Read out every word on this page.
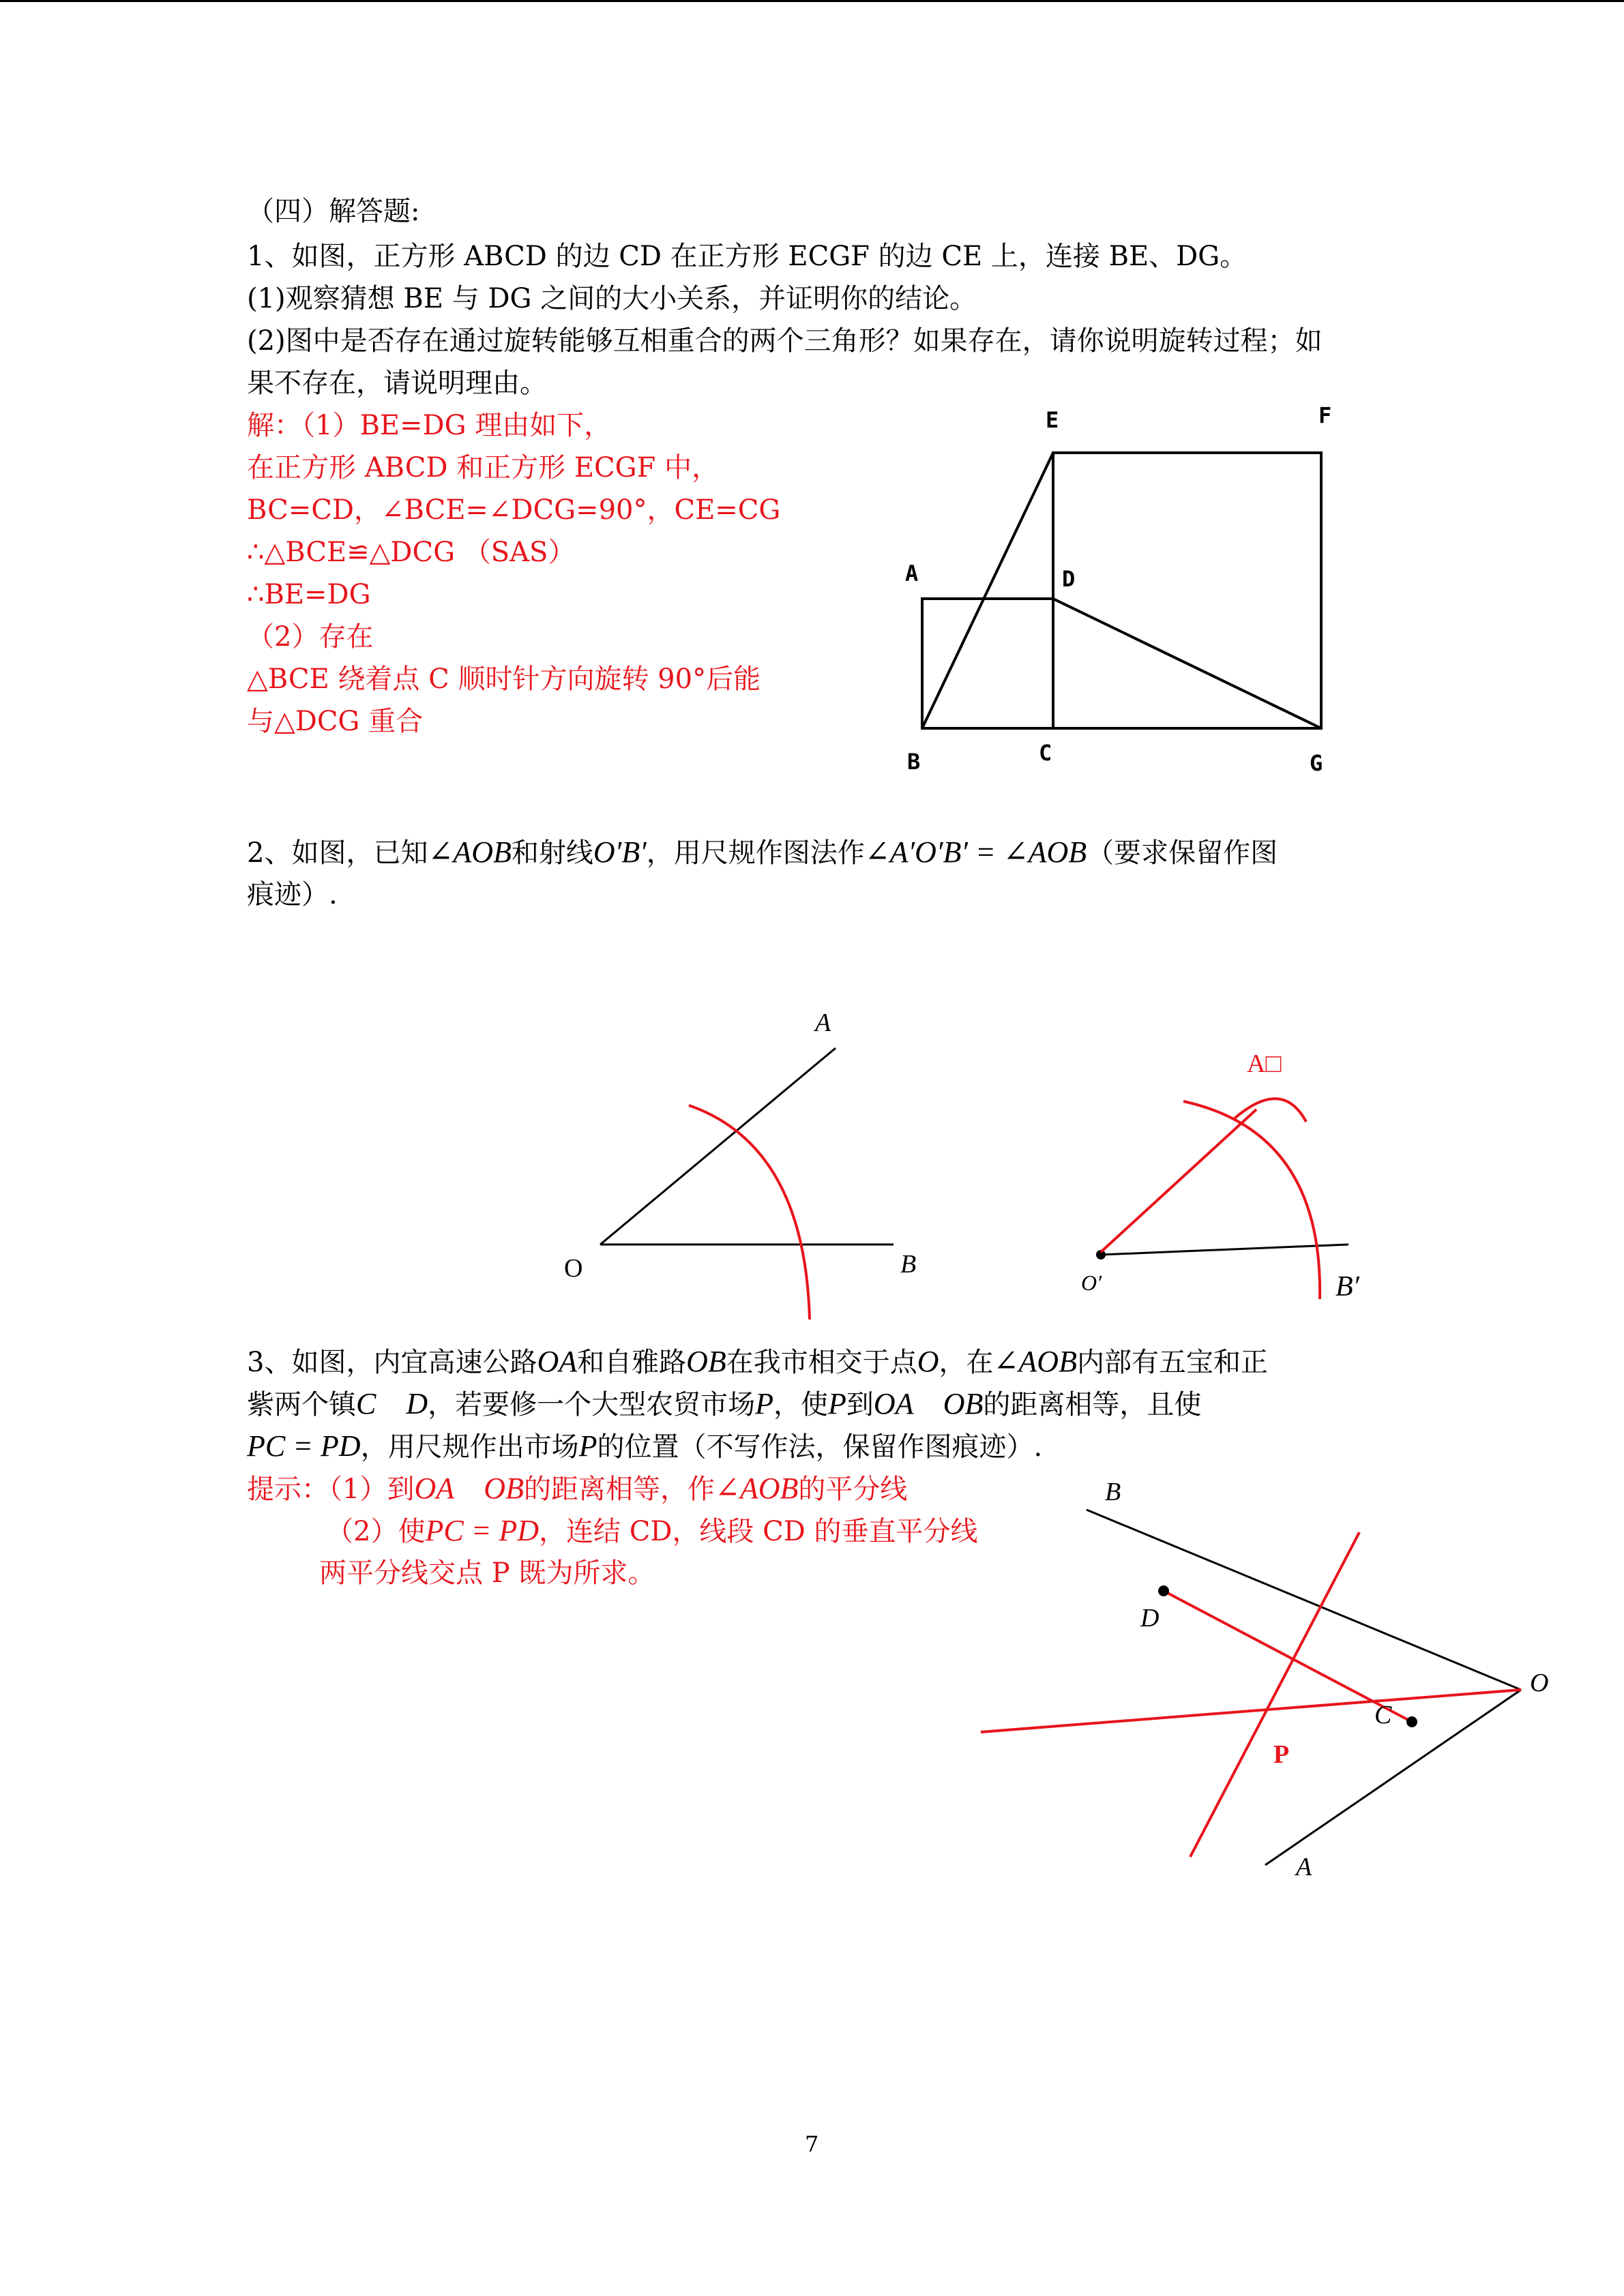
（四）解答题:
1、如图，正方形 ABCD 的边 CD 在正方形 ECGF 的边 CE 上，连接 BE、DG。
(1)观察猜想 BE 与 DG 之间的大小关系，并证明你的结论。
(2)图中是否存在通过旋转能够互相重合的两个三角形？如果存在，请你说明旋转过程；如
果不存在，请说明理由。
解：（1）BE=DG 理由如下，
在正方形 ABCD 和正方形 ECGF 中，
BC=CD，∠BCE=∠DCG=90°，CE=CG
∴△BCE≌△DCG （SAS）
∴BE=DG
（2）存在
△BCE 绕着点 C 顺时针方向旋转 90°后能
与△DCG 重合
A
B	C
D
E	F
G
2、如图，已知∠AOB和射线O′B′，用尺规作图法作∠A′O′B′ = ∠AOB（要求保留作图
痕迹）.
A
O	B
A□
O′	B′
3、如图，内宜高速公路OA和自雅路OB在我市相交于点O，在∠AOB内部有五宝和正
紫两个镇C　D，若要修一个大型农贸市场P，使P到OA　OB的距离相等，且使
PC = PD，用尺规作出市场P的位置（不写作法，保留作图痕迹）.
提示：（1）到OA　OB的距离相等，作∠AOB的平分线
（2）使PC = PD，连结 CD，线段 CD 的垂直平分线
两平分线交点 P 既为所求。
B
D
O
C
P
A
7
